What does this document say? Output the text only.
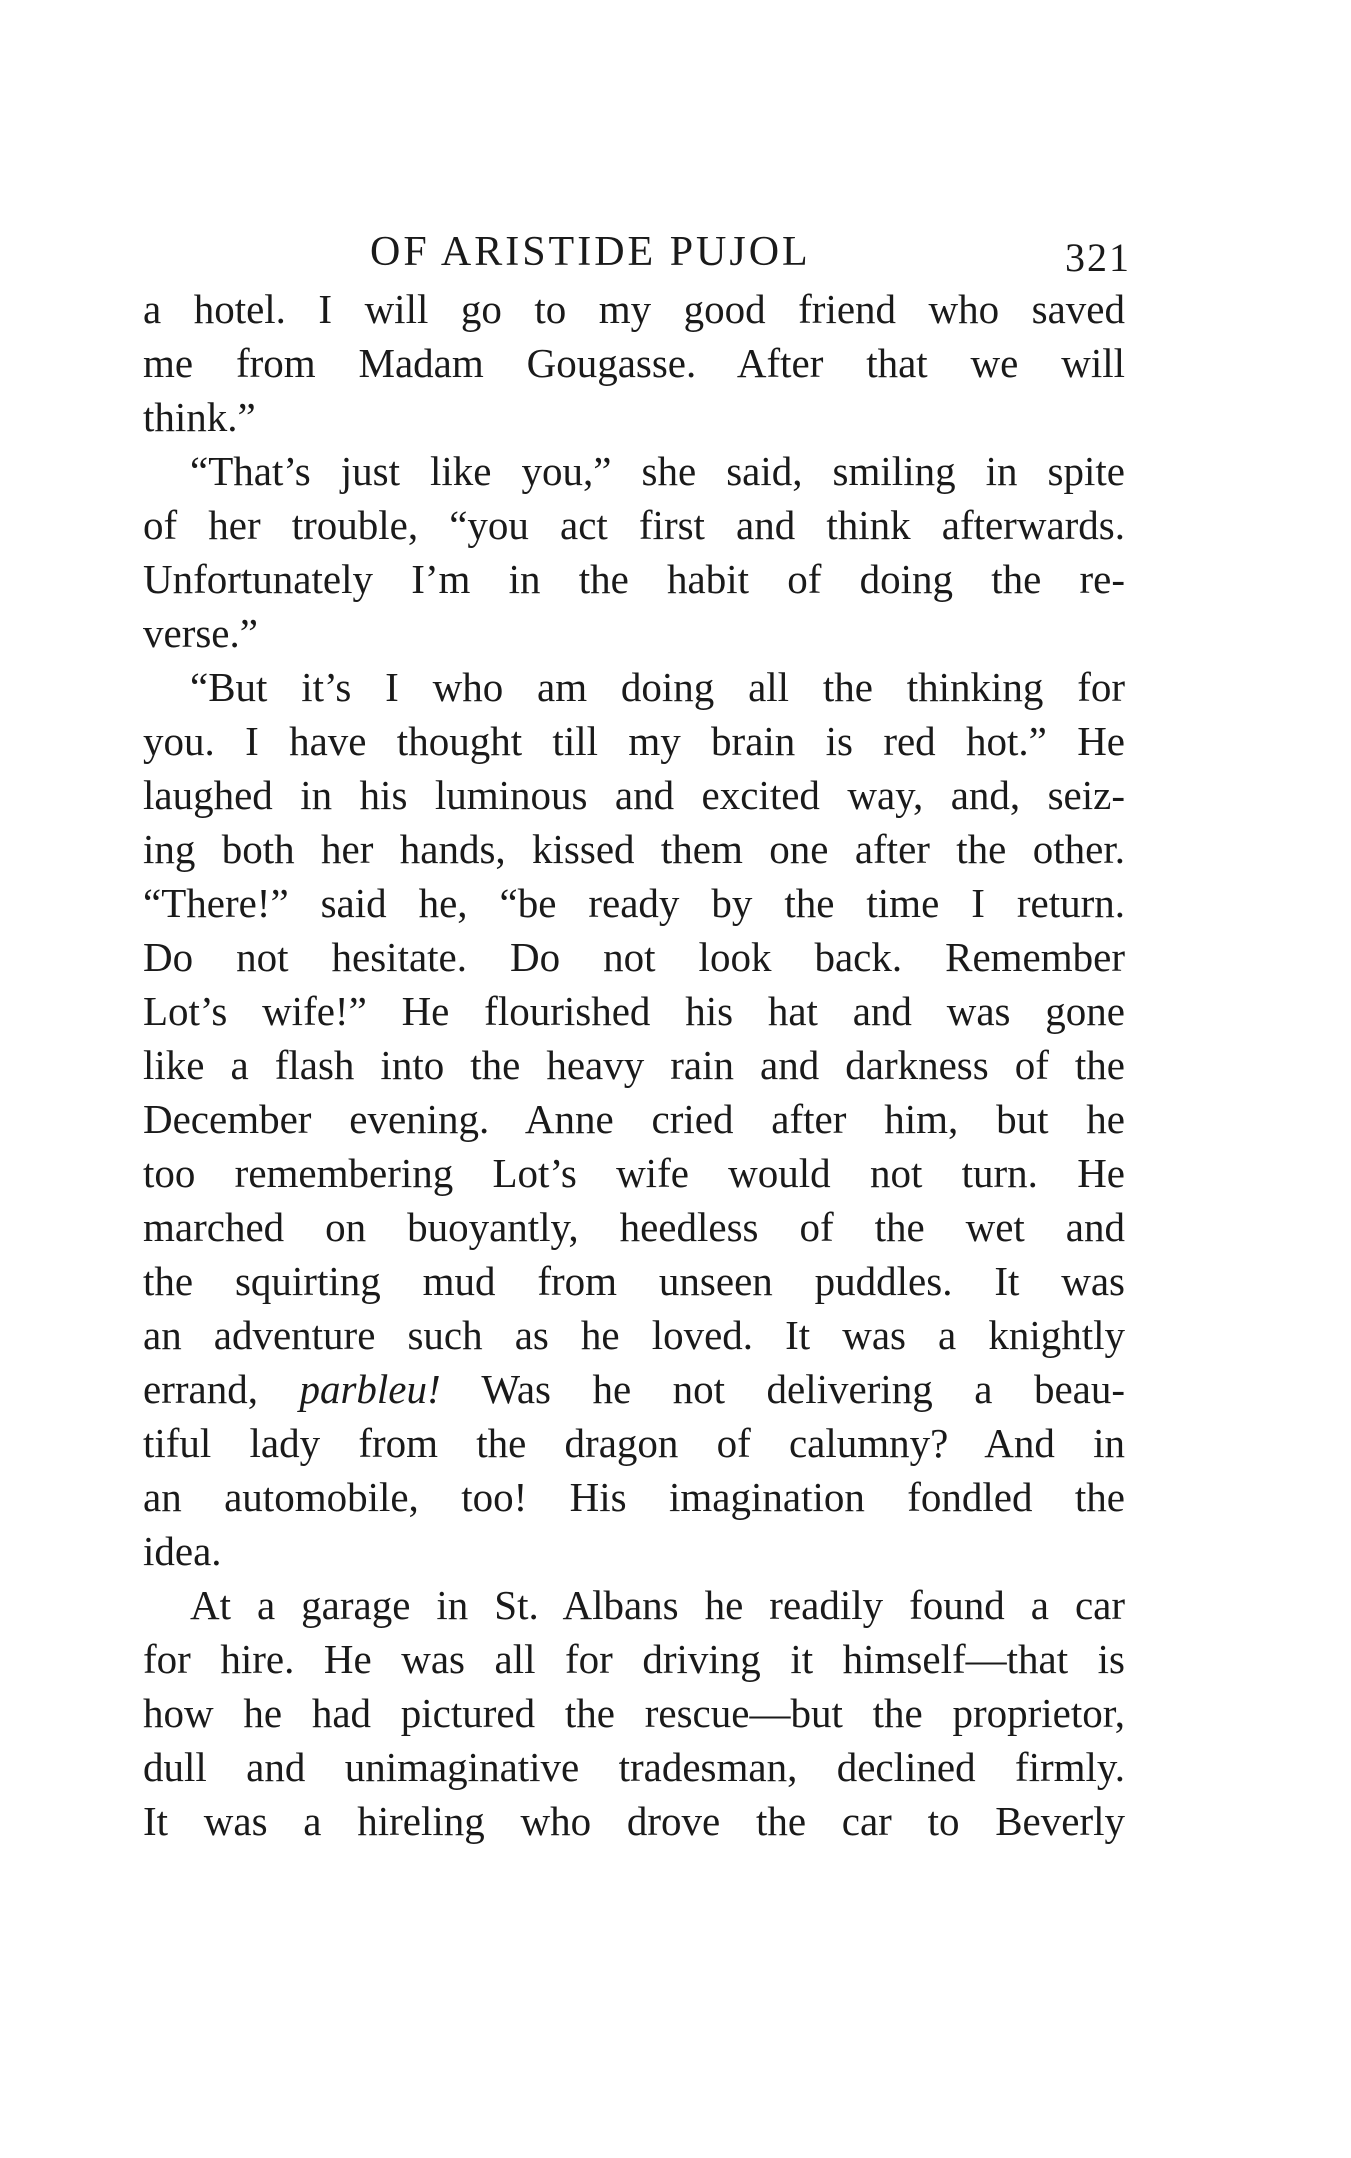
OF ARISTIDE PUJOL	321
a hotel. I will go to my good friend who saved
me from Madam Gougasse. After that we will
think.”
“That’s just like you,” she said, smiling in spite
of her trouble, “you act first and think afterwards.
Unfortunately I’m in the habit of doing the re-
verse.”
“But it’s I who am doing all the thinking for
you. I have thought till my brain is red hot.” He
laughed in his luminous and excited way, and, seiz-
ing both her hands, kissed them one after the other.
“There!” said he, “be ready by the time I return.
Do not hesitate. Do not look back. Remember
Lot’s wife!” He flourished his hat and was gone
like a flash into the heavy rain and darkness of the
December evening. Anne cried after him, but he
too remembering Lot’s wife would not turn. He
marched on buoyantly, heedless of the wet and
the squirting mud from unseen puddles. It was
an adventure such as he loved. It was a knightly
errand, parbleu! Was he not delivering a beau-
tiful lady from the dragon of calumny? And in
an automobile, too! His imagination fondled the
idea.
At a garage in St. Albans he readily found a car
for hire. He was all for driving it himself—that is
how he had pictured the rescue—but the proprietor,
dull and unimaginative tradesman, declined firmly.
It was a hireling who drove the car to Beverly
